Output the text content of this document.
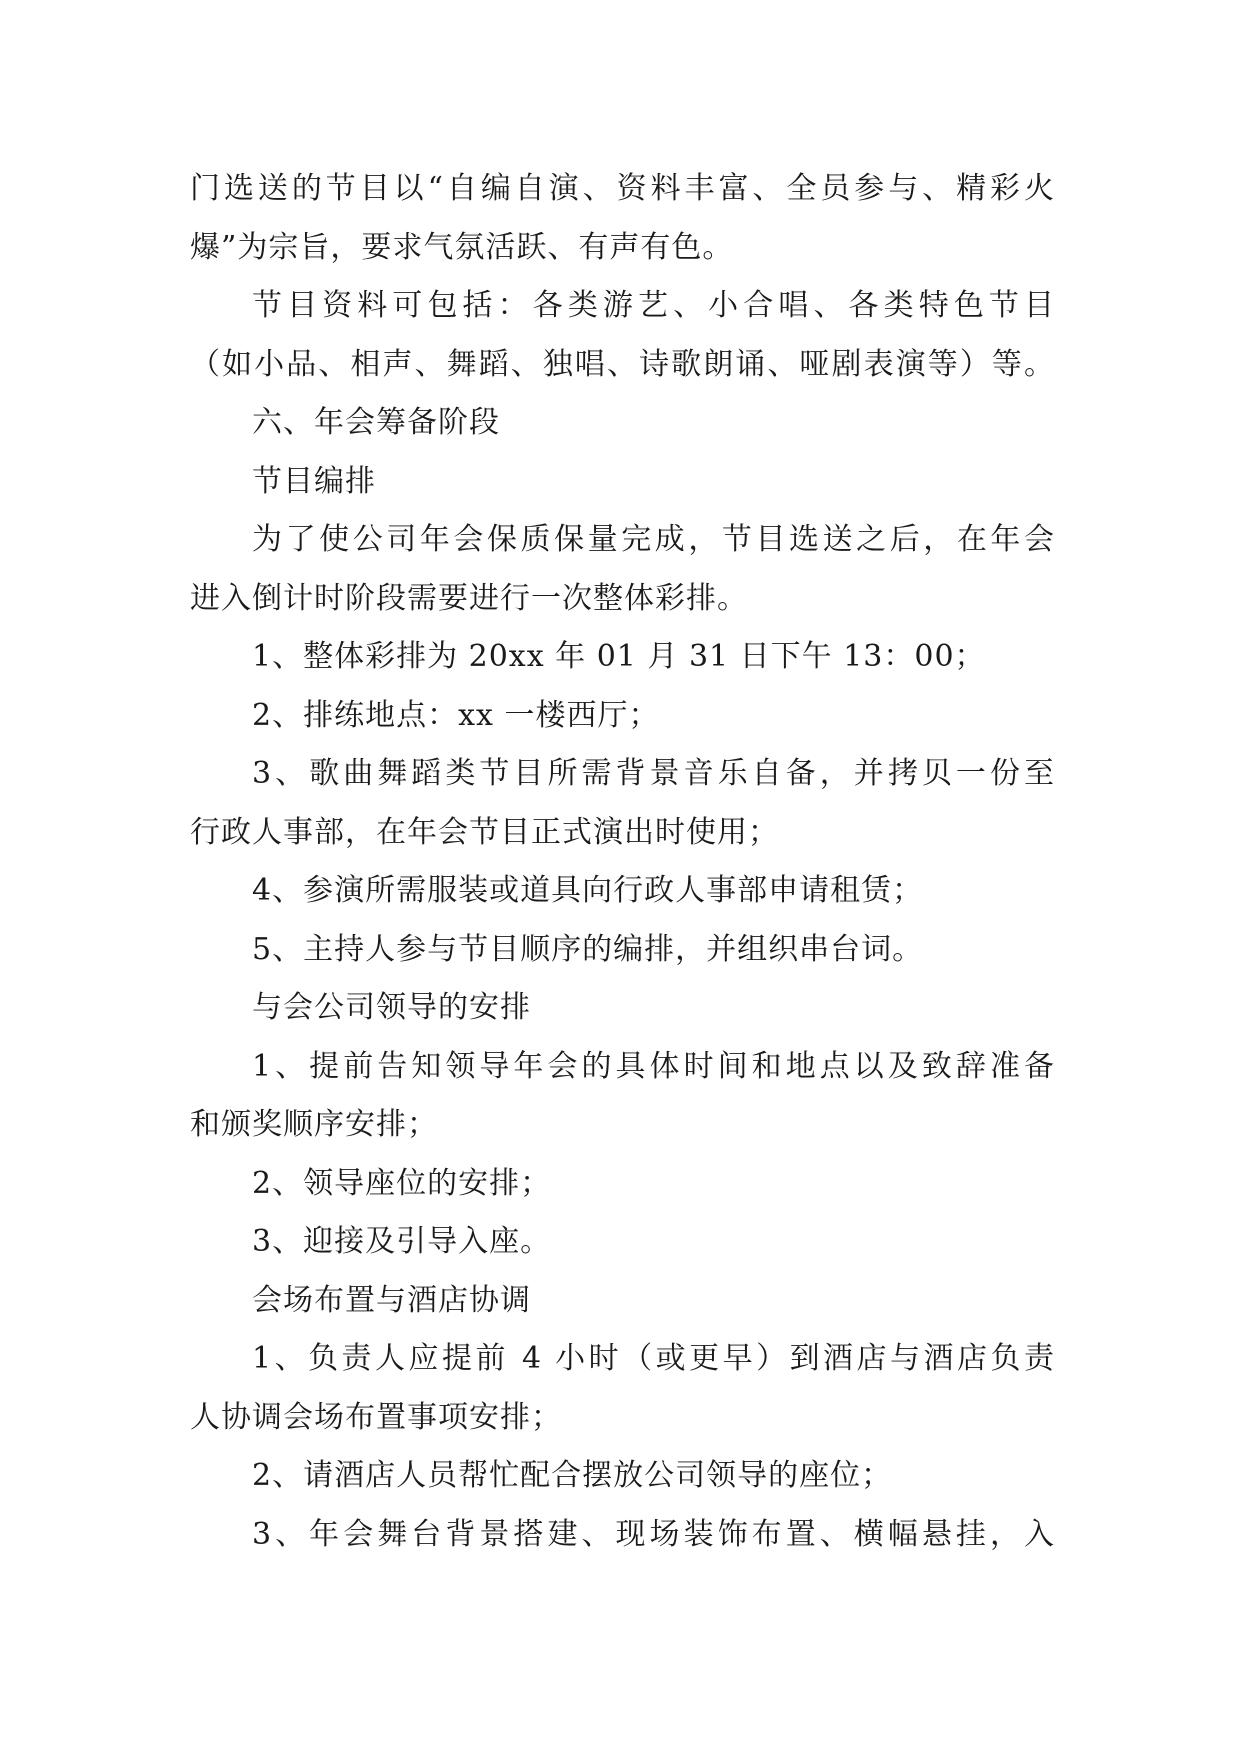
门选送的节目以“自编自演、资料丰富、全员参与、精彩火
爆”为宗旨，要求气氛活跃、有声有色。
节目资料可包括：各类游艺、小合唱、各类特色节目
（如小品、相声、舞蹈、独唱、诗歌朗诵、哑剧表演等）等。
六、年会筹备阶段
节目编排
为了使公司年会保质保量完成，节目选送之后，在年会
进入倒计时阶段需要进行一次整体彩排。
1、整体彩排为 20xx 年 01 月 31 日下午 13：00；
2、排练地点：xx 一楼西厅；
3、歌曲舞蹈类节目所需背景音乐自备，并拷贝一份至
行政人事部，在年会节目正式演出时使用；
4、参演所需服装或道具向行政人事部申请租赁；
5、主持人参与节目顺序的编排，并组织串台词。
与会公司领导的安排
1、提前告知领导年会的具体时间和地点以及致辞准备
和颁奖顺序安排；
2、领导座位的安排；
3、迎接及引导入座。
会场布置与酒店协调
1、负责人应提前 4 小时（或更早）到酒店与酒店负责
人协调会场布置事项安排；
2、请酒店人员帮忙配合摆放公司领导的座位；
3、年会舞台背景搭建、现场装饰布置、横幅悬挂，入
